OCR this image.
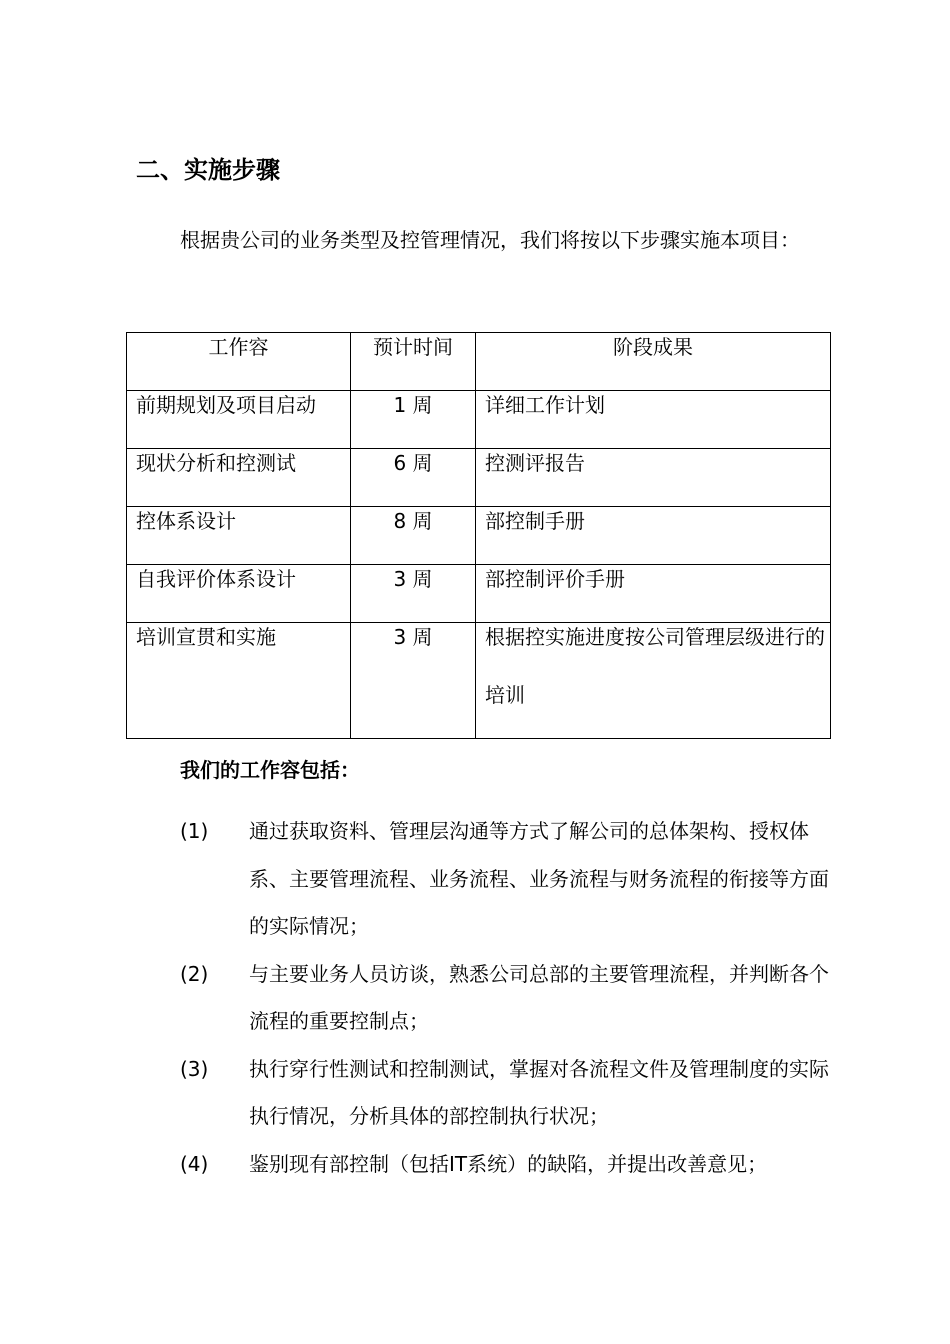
二、实施步骤
根据贵公司的业务类型及控管理情况，我们将按以下步骤实施本项目：
工作容	预计时间	阶段成果

前期规划及项目启动	1 周	详细工作计划

现状分析和控测试	6 周	控测评报告

控体系设计	8 周	部控制手册

自我评价体系设计	3 周	部控制评价手册

培训宣贯和实施	3 周	根据控实施进度按公司管理层级进行的培训
我们的工作容包括：
(1) 通过获取资料、管理层沟通等方式了解公司的总体架构、授权体系、主要管理流程、业务流程、业务流程与财务流程的衔接等方面的实际情况；
(2) 与主要业务人员访谈，熟悉公司总部的主要管理流程，并判断各个流程的重要控制点；
(3) 执行穿行性测试和控制测试，掌握对各流程文件及管理制度的实际执行情况，分析具体的部控制执行状况；
(4) 鉴别现有部控制（包括IT系统）的缺陷，并提出改善意见；
